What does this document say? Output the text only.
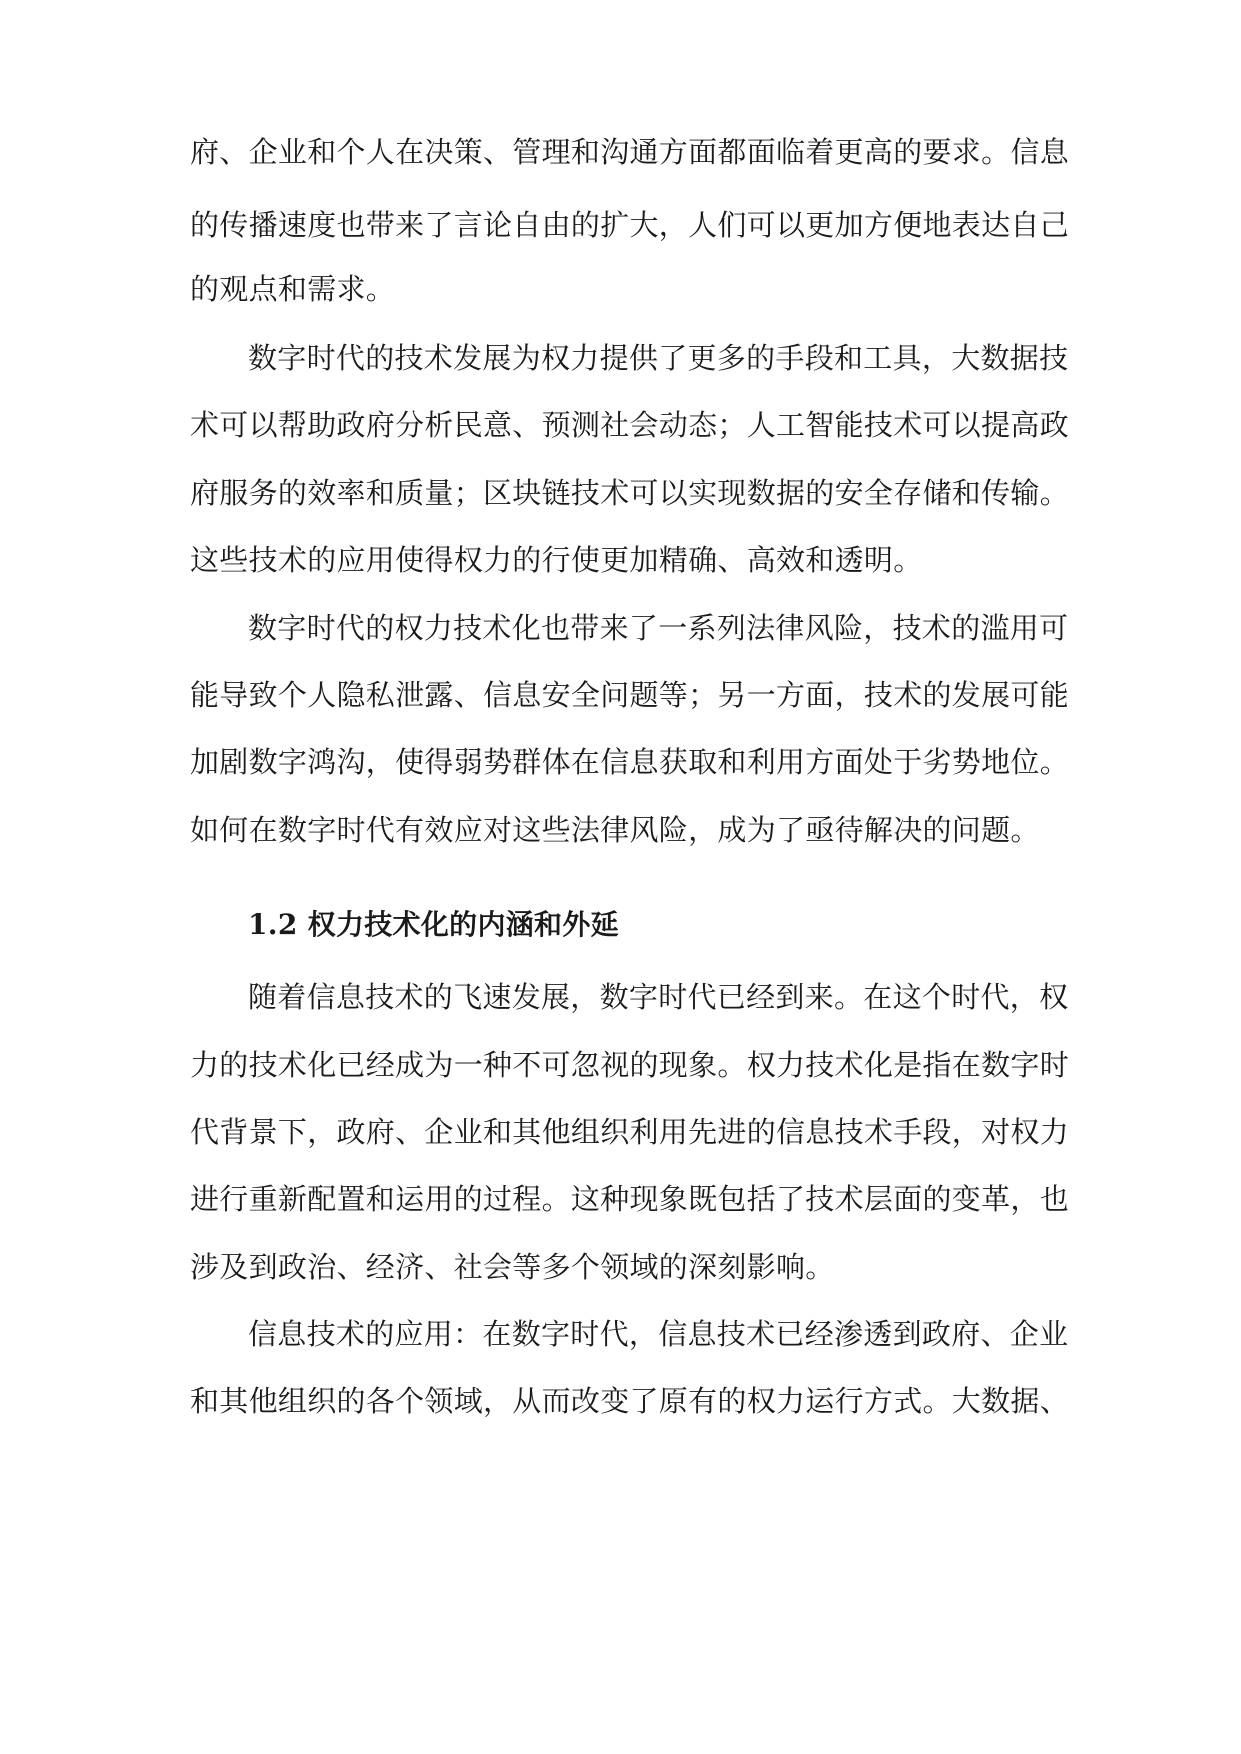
府、企业和个人在决策、管理和沟通方面都面临着更高的要求。信息
的传播速度也带来了言论自由的扩大，人们可以更加方便地表达自己
的观点和需求。
数字时代的技术发展为权力提供了更多的手段和工具，大数据技
术可以帮助政府分析民意、预测社会动态；人工智能技术可以提高政
府服务的效率和质量；区块链技术可以实现数据的安全存储和传输。
这些技术的应用使得权力的行使更加精确、高效和透明。
数字时代的权力技术化也带来了一系列法律风险，技术的滥用可
能导致个人隐私泄露、信息安全问题等；另一方面，技术的发展可能
加剧数字鸿沟，使得弱势群体在信息获取和利用方面处于劣势地位。
如何在数字时代有效应对这些法律风险，成为了亟待解决的问题。
1.2 权力技术化的内涵和外延
随着信息技术的飞速发展，数字时代已经到来。在这个时代，权
力的技术化已经成为一种不可忽视的现象。权力技术化是指在数字时
代背景下，政府、企业和其他组织利用先进的信息技术手段，对权力
进行重新配置和运用的过程。这种现象既包括了技术层面的变革，也
涉及到政治、经济、社会等多个领域的深刻影响。
信息技术的应用：在数字时代，信息技术已经渗透到政府、企业
和其他组织的各个领域，从而改变了原有的权力运行方式。大数据、
